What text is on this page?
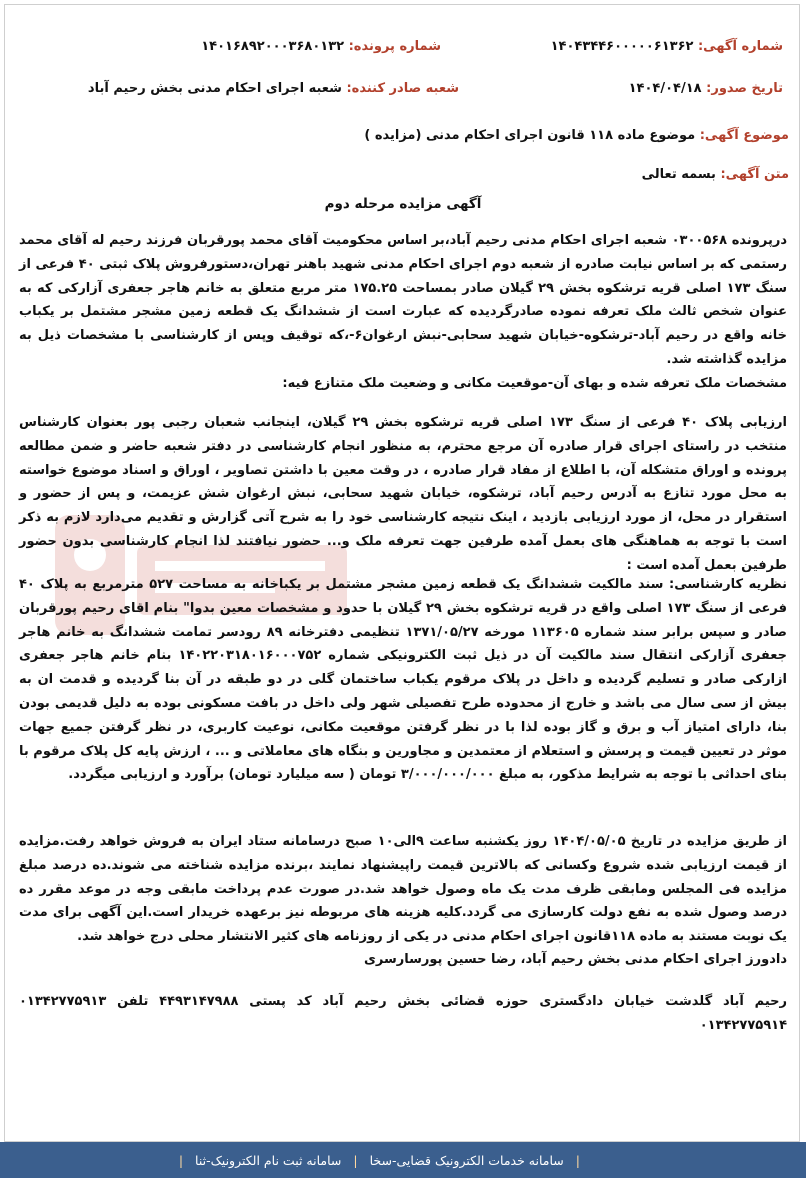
شماره آگهی: ۱۴۰۴۳۴۴۶۰۰۰۰۰۶۱۳۶۲
شماره پرونده: ۱۴۰۱۶۸۹۲۰۰۰۳۶۸۰۱۳۲
تاریخ صدور: ۱۴۰۴/۰۴/۱۸
شعبه صادر کننده: شعبه اجرای احکام مدنی بخش رحیم آباد
موضوع آگهی: موضوع ماده ۱۱۸ قانون اجرای احکام مدنی (مزایده )
متن آگهی: بسمه تعالی

آگهی مزایده مرحله دوم

درپرونده ۰۳۰۰۵۶۸ شعبه اجرای احکام مدنی رحیم آباد،بر اساس محکومیت آقای محمد پورقربان فرزند رحیم له آقای محمد رستمی که بر اساس نیابت صادره از شعبه دوم اجرای احکام مدنی شهید باهنر تهران،دستورفروش پلاک ثبتی ۴۰ فرعی از سنگ ۱۷۳ اصلی قریه ترشکوه بخش ۲۹ گیلان صادر بمساحت ۱۷۵.۲۵ متر مربع متعلق به خانم هاجر جعفری آزارکی که به عنوان شخص ثالث ملک تعرفه نموده صادرگردیده که عبارت است از ششدانگ یک قطعه زمین مشجر مشتمل بر یکباب خانه واقع در رحیم آباد-ترشکوه-خیابان شهید سحابی-نبش ارغوان۶-،که توقیف وپس از کارشناسی با مشخصات ذیل به مزایده گذاشته شد.

مشخصات ملک تعرفه شده و بهای آن-موقعیت مکانی و وضعیت ملک متنازع فیه:

ارزیابی پلاک ۴۰ فرعی از سنگ ۱۷۳ اصلی قریه ترشکوه بخش ۲۹ گیلان، اینجانب شعبان رجبی پور بعنوان کارشناس منتخب در راستای اجرای قرار صادره آن مرجع محترم، به منظور انجام کارشناسی در دفتر شعبه حاضر و ضمن مطالعه پرونده و اوراق متشکله آن، با اطلاع از مفاد قرار صادره ، در وقت معین با داشتن تصاویر ، اوراق و اسناد موضوع خواسته به محل مورد تنازع به آدرس رحیم آباد، ترشکوه، خیابان شهید سحابی، نبش ارغوان شش عزیمت، و پس از حضور و استقرار در محل، از مورد ارزیابی بازدید ، اینک نتیجه کارشناسی خود را به شرح آتی گزارش و تقدیم می‌دارد لازم به ذکر است با توجه به هماهنگی های بعمل آمده طرفین جهت تعرفه ملک و... حضور نیافتند لذا انجام کارشناسی بدون حضور طرفین بعمل آمده است :

نظریه کارشناسی: سند مالکیت ششدانگ یک قطعه زمین مشجر مشتمل بر یکباخانه به مساحت ۵۲۷ مترمربع به پلاک ۴۰ فرعی از سنگ ۱۷۳ اصلی واقع در قریه ترشکوه بخش ۲۹ گیلان با حدود و مشخصات معین بدوا" بنام اقای رحیم پورقربان صادر و سپس برابر سند شماره ۱۱۳۶۰۵ مورخه ۱۳۷۱/۰۵/۲۷ تنظیمی دفترخانه ۸۹ رودسر تمامت ششدانگ به خانم هاجر جعفری آزارکی انتقال سند مالکیت آن در ذیل ثبت الکترونیکی شماره ۱۴۰۲۲۰۳۱۸۰۱۶۰۰۰۷۵۲ بنام خانم هاجر جعفری ازارکی صادر و تسلیم گردیده و داخل در پلاک مرقوم یکباب ساختمان گلی در دو طبقه در آن بنا گردیده و قدمت ان به بیش از سی سال می باشد و خارج از محدوده طرح تفصیلی شهر ولی داخل در بافت مسکونی بوده به دلیل قدیمی بودن بنا، دارای امتیاز آب و برق و گاز بوده لذا با در نظر گرفتن موقعیت مکانی، نوعیت کاربری، در نظر گرفتن جمیع جهات موثر در تعیین قیمت و پرسش و استعلام از معتمدین و مجاورین و بنگاه های معاملاتی و ... ، ارزش پایه کل پلاک مرقوم با بنای احداثی با توجه به شرایط مذکور، به مبلغ ۳/۰۰۰/۰۰۰/۰۰۰ تومان ( سه میلیارد تومان) برآورد و ارزیابی میگردد.

از طریق مزایده در تاریخ ۱۴۰۴/۰۵/۰۵ روز یکشنبه ساعت ۹الی۱۰ صبح درسامانه ستاد ایران به فروش خواهد رفت.مزایده از قیمت ارزیابی شده شروع وکسانی که بالاترین قیمت راپیشنهاد نمایند ،برنده مزایده شناخته می شوند.ده درصد مبلغ مزایده فی المجلس ومابقی ظرف مدت یک ماه وصول خواهد شد.در صورت عدم پرداخت مابقی وجه در موعد مقرر ده درصد وصول شده به نفع دولت کارسازی می گردد.کلیه هزینه های مربوطه نیز برعهده خریدار است.این آگهی برای مدت یک نوبت مستند به ماده ۱۱۸قانون اجرای احکام مدنی در یکی از روزنامه های کثیر الانتشار محلی درج خواهد شد.

دادورز اجرای احکام مدنی بخش رحیم آباد، رضا حسین پورسارسری

رحیم آباد گلدشت خیابان دادگستری حوزه قضائی بخش رحیم آباد کد پستی ۴۴۹۳۱۴۷۹۸۸ تلفن ۰۱۳۴۲۷۷۵۹۱۳ ۰۱۳۴۲۷۷۵۹۱۴

|
سامانه خدمات الکترونیک قضایی-سخا
|
سامانه ثبت نام الکترونیک-ثنا
|
